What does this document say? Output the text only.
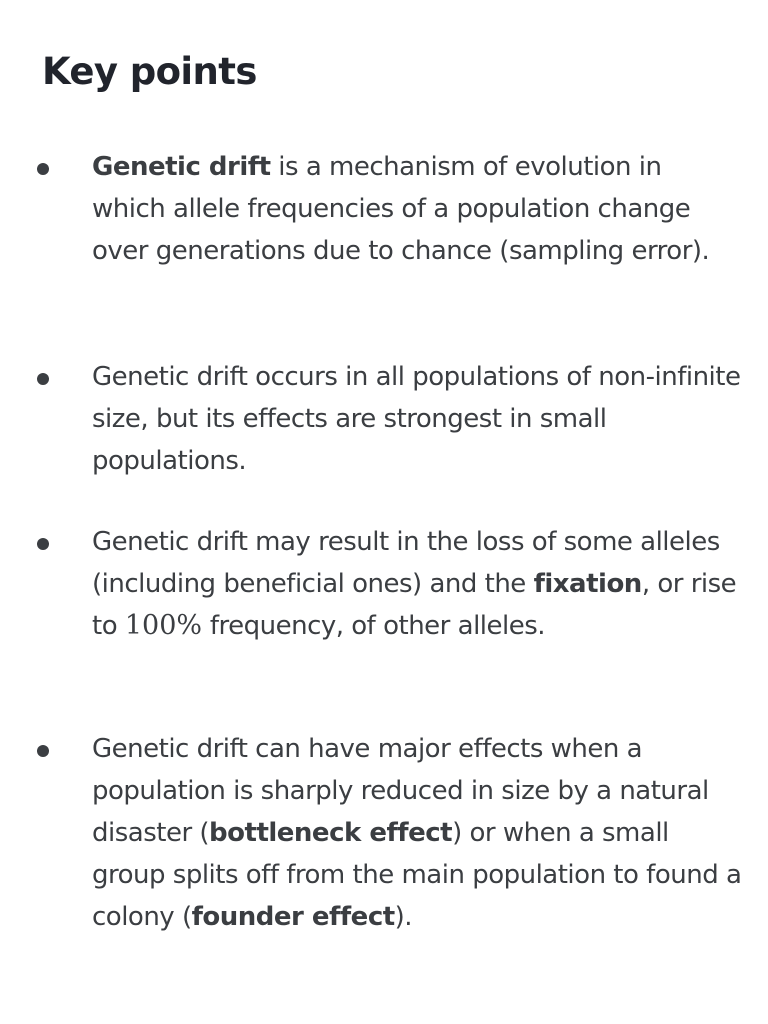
Key points

Genetic drift is a mechanism of evolution in which allele frequencies of a population change over generations due to chance (sampling error).

Genetic drift occurs in all populations of non-infinite size, but its effects are strongest in small populations.

Genetic drift may result in the loss of some alleles (including beneficial ones) and the fixation, or rise to 100% frequency, of other alleles.

Genetic drift can have major effects when a population is sharply reduced in size by a natural disaster (bottleneck effect) or when a small group splits off from the main population to found a colony (founder effect).
